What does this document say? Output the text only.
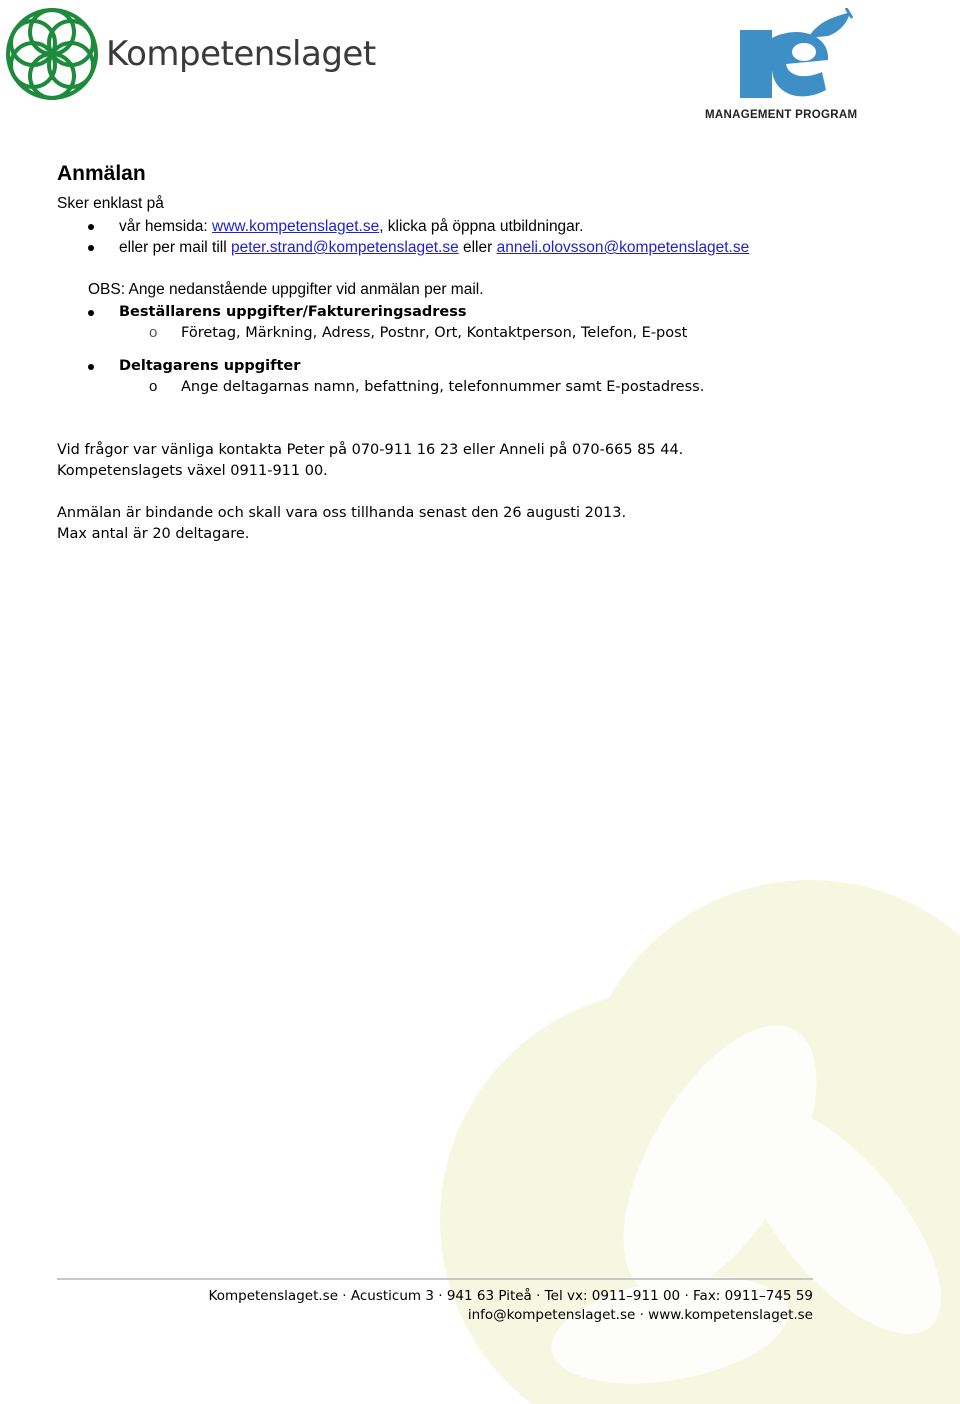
Kompetenslaget
MANAGEMENT PROGRAM
Anmälan
Sker enklast på
vår hemsida: www.kompetenslaget.se, klicka på öppna utbildningar.
eller per mail till peter.strand@kompetenslaget.se eller anneli.olovsson@kompetenslaget.se
OBS: Ange nedanstående uppgifter vid anmälan per mail.
Beställarens uppgifter/Faktureringsadress
o Företag, Märkning, Adress, Postnr, Ort, Kontaktperson, Telefon, E-post
Deltagarens uppgifter
o Ange deltagarnas namn, befattning, telefonnummer samt E-postadress.
Vid frågor var vänliga kontakta Peter på 070-911 16 23 eller Anneli på 070-665 85 44.
Kompetenslagets växel 0911-911 00.
Anmälan är bindande och skall vara oss tillhanda senast den 26 augusti 2013.
Max antal är 20 deltagare.
Kompetenslaget.se · Acusticum 3 · 941 63 Piteå · Tel vx: 0911–911 00 · Fax: 0911–745 59
info@kompetenslaget.se · www.kompetenslaget.se
